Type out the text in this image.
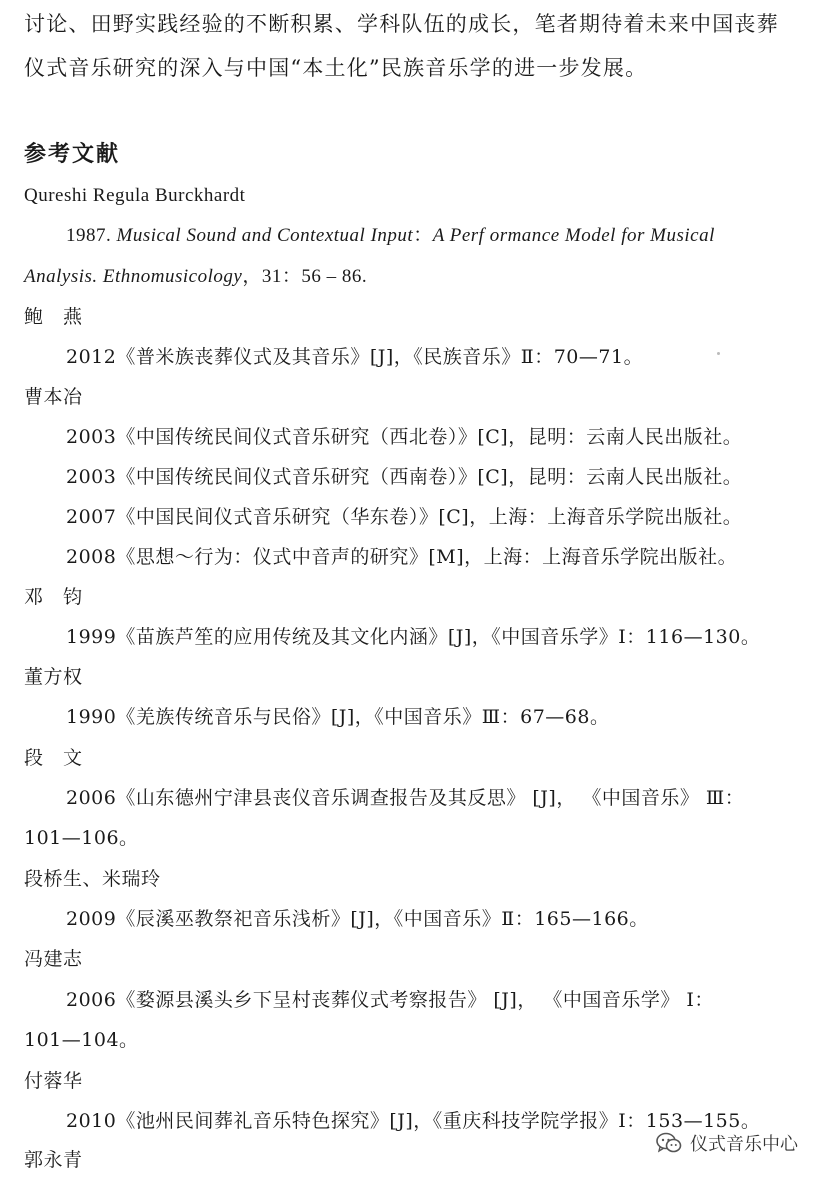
讨论、田野实践经验的不断积累、学科队伍的成长，笔者期待着未来中国丧葬
仪式音乐研究的深入与中国“本土化”民族音乐学的进一步发展。
参考文献
Qureshi Regula Burckhardt
1987. Musical Sound and Contextual Input：A Perf ormance Model for Musical
Analysis. Ethnomusicology，31：56 – 86.
鲍　燕
2012《普米族丧葬仪式及其音乐》[J]，《民族音乐》Ⅱ：70—71。
曹本冶
2003《中国传统民间仪式音乐研究（西北卷）》[C]，昆明：云南人民出版社。
2003《中国传统民间仪式音乐研究（西南卷）》[C]，昆明：云南人民出版社。
2007《中国民间仪式音乐研究（华东卷）》[C]，上海：上海音乐学院出版社。
2008《思想～行为：仪式中音声的研究》[M]，上海：上海音乐学院出版社。
邓　钧
1999《苗族芦笙的应用传统及其文化内涵》[J]，《中国音乐学》Ⅰ：116—130。
董方权
1990《羌族传统音乐与民俗》[J]，《中国音乐》Ⅲ：67—68。
段　文
2006《山东德州宁津县丧仪音乐调查报告及其反思》 [J]， 《中国音乐》 Ⅲ：
101—106。
段桥生、米瑞玲
2009《辰溪巫教祭祀音乐浅析》[J]，《中国音乐》Ⅱ：165—166。
冯建志
2006《婺源县溪头乡下呈村丧葬仪式考察报告》 [J]， 《中国音乐学》 Ⅰ：
101—104。
付蓉华
2010《池州民间葬礼音乐特色探究》[J]，《重庆科技学院学报》Ⅰ：153—155。
郭永青
仪式音乐中心
